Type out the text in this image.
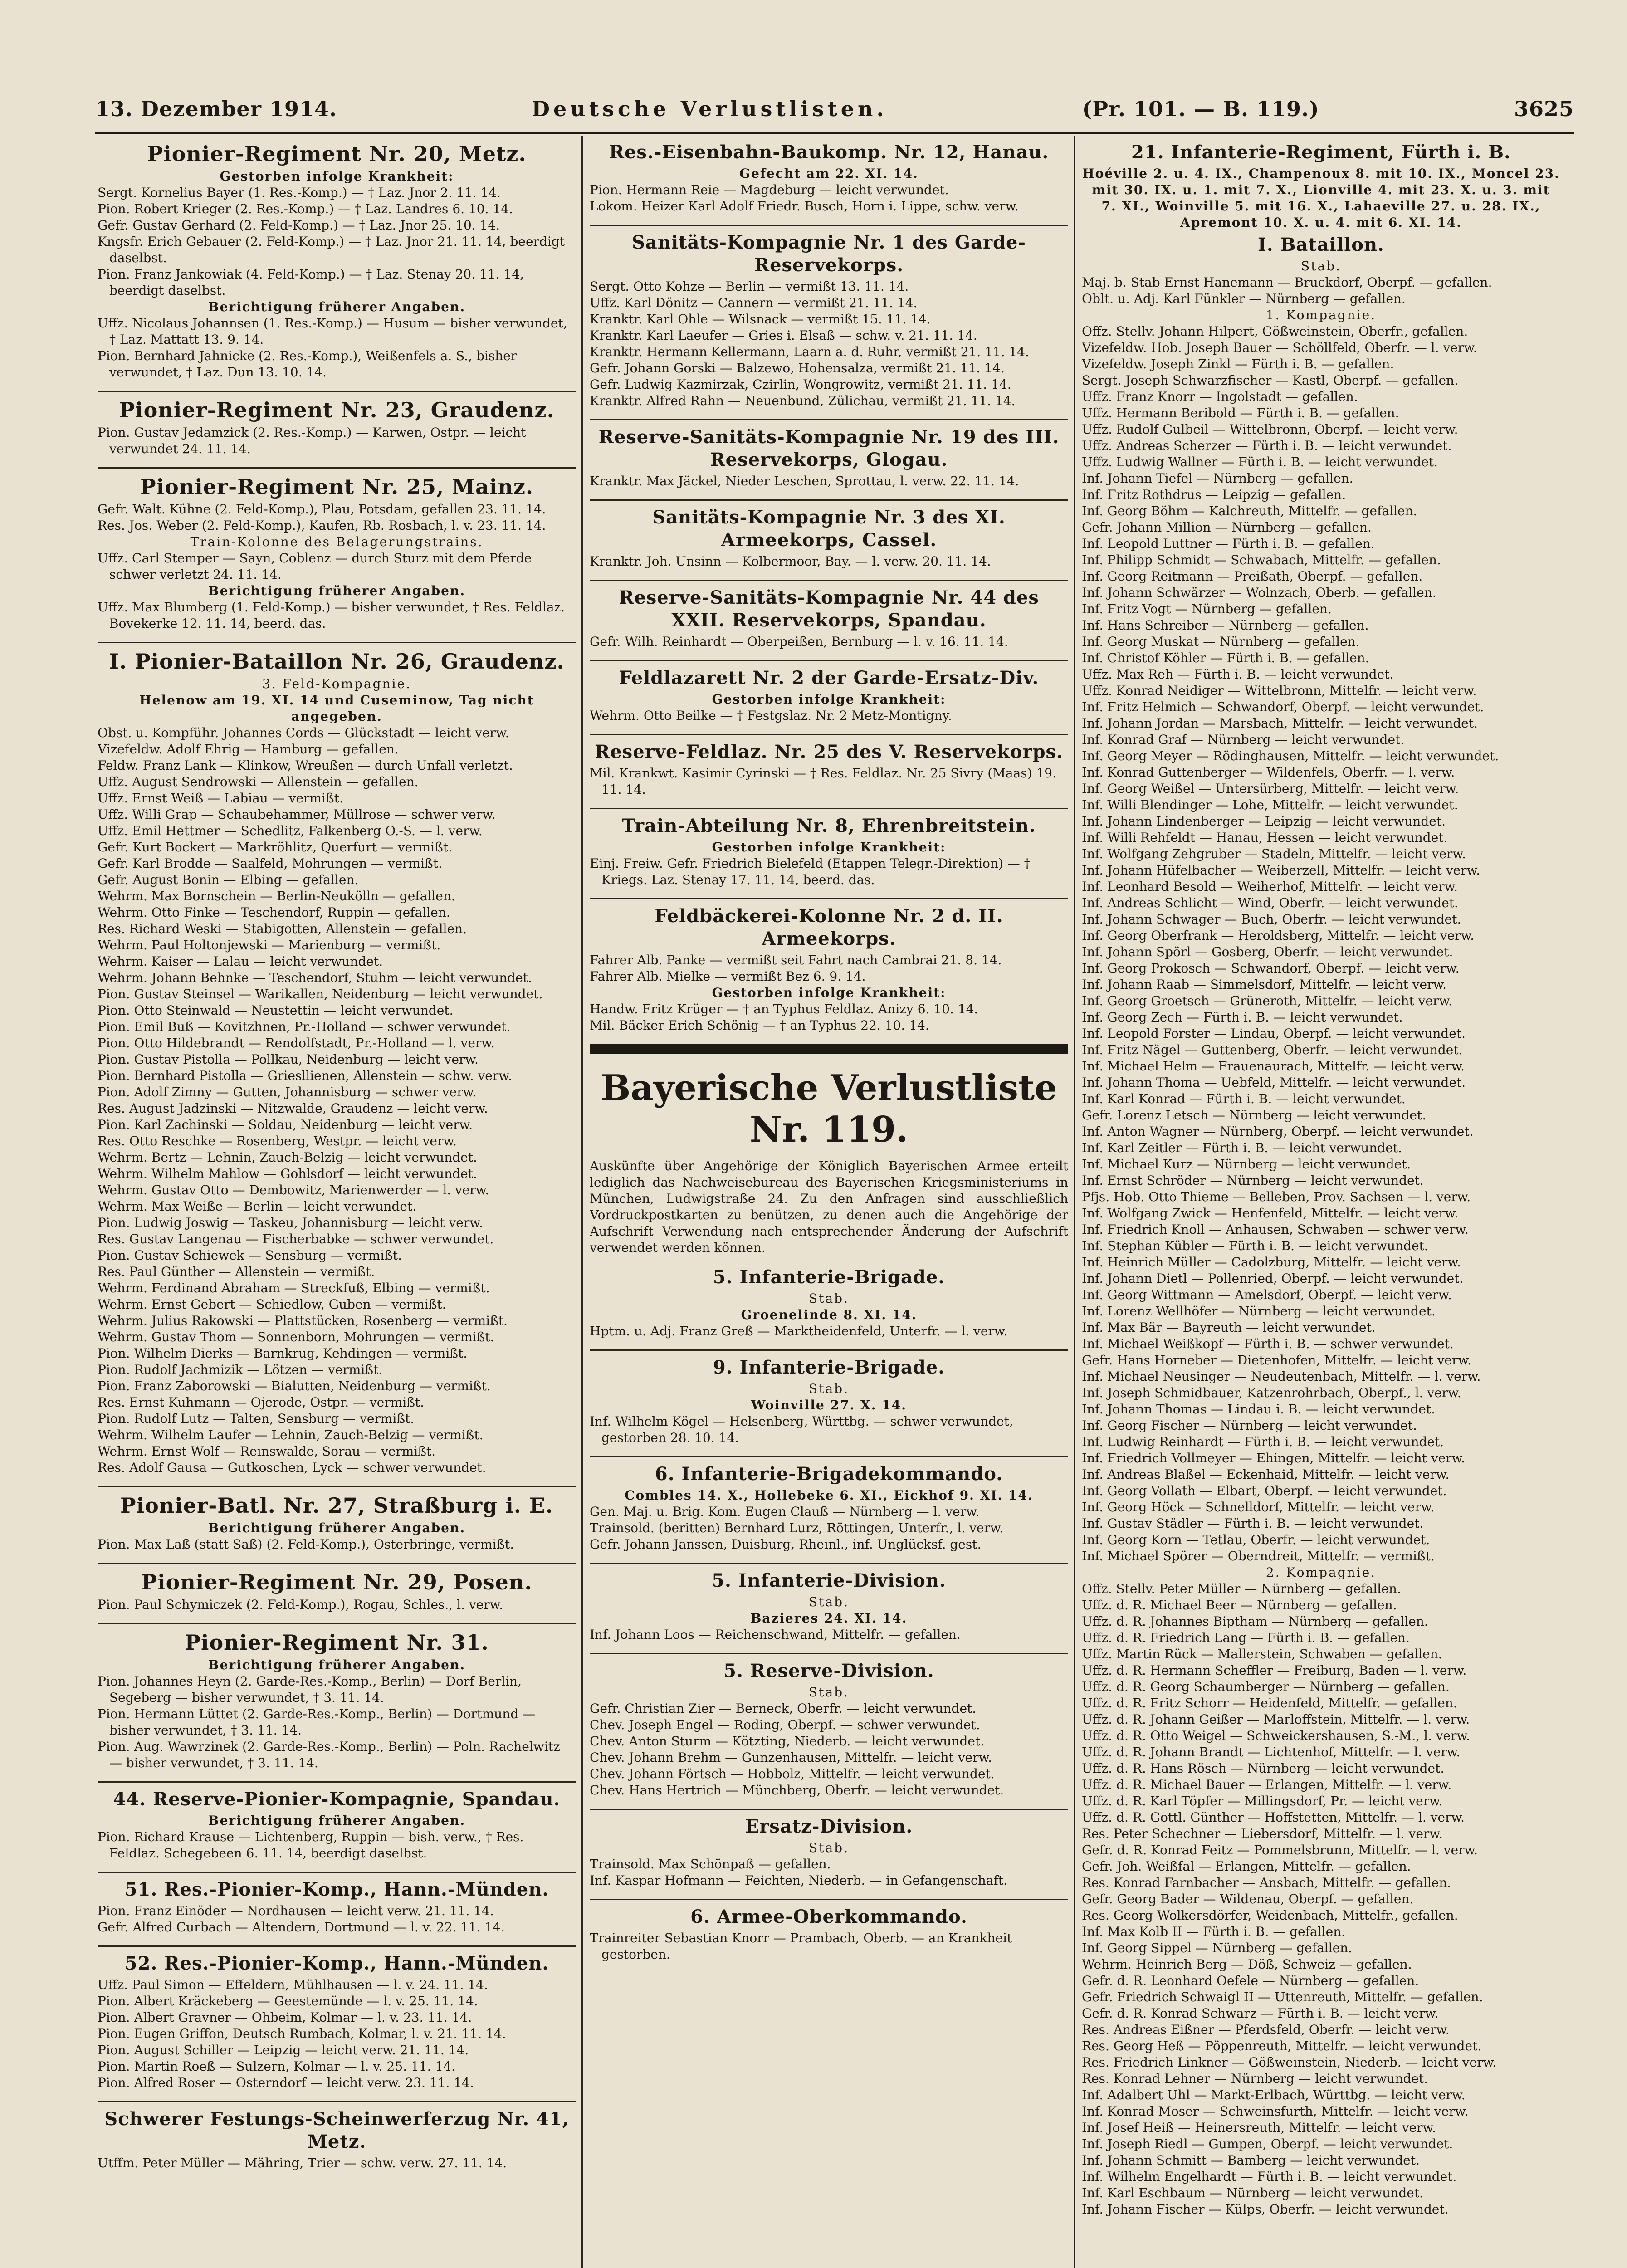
13. Dezember 1914.	Deutsche Verlustlisten.	(Pr. 101. — B. 119.)	3625
Pionier-Regiment Nr. 20, Metz.
Gestorben infolge Krankheit:
Sergt. Kornelius Bayer (1. Res.-Komp.) — † Laz. Jnor 2. 11. 14.
Pion. Robert Krieger (2. Res.-Komp.) — † Laz. Landres 6. 10. 14.
Gefr. Gustav Gerhard (2. Feld-Komp.) — † Laz. Jnor 25. 10. 14.
Kngsfr. Erich Gebauer (2. Feld-Komp.) — † Laz. Jnor 21. 11. 14, beerdigt daselbst.
Pion. Franz Jankowiak (4. Feld-Komp.) — † Laz. Stenay 20. 11. 14, beerdigt daselbst.
Berichtigung früherer Angaben.
Uffz. Nicolaus Johannsen (1. Res.-Komp.) — Husum — bisher verwundet, † Laz. Mattatt 13. 9. 14.
Pion. Bernhard Jahnicke (2. Res.-Komp.), Weißenfels a. S., bisher verwundet, † Laz. Dun 13. 10. 14.
Pionier-Regiment Nr. 23, Graudenz.
Pion. Gustav Jedamzick (2. Res.-Komp.) — Karwen, Ostpr. — leicht verwundet 24. 11. 14.
Pionier-Regiment Nr. 25, Mainz.
Gefr. Walt. Kühne (2. Feld-Komp.), Plau, Potsdam, gefallen 23. 11. 14.
Res. Jos. Weber (2. Feld-Komp.), Kaufen, Rb. Rosbach, l. v. 23. 11. 14.
Train-Kolonne des Belagerungstrains.
Uffz. Carl Stemper — Sayn, Coblenz — durch Sturz mit dem Pferde schwer verletzt 24. 11. 14.
Berichtigung früherer Angaben.
Uffz. Max Blumberg (1. Feld-Komp.) — bisher verwundet, † Res. Feldlaz. Bovekerke 12. 11. 14, beerd. das.
I. Pionier-Bataillon Nr. 26, Graudenz.
3. Feld-Kompagnie.
Helenow am 19. XI. 14 und Cuseminow, Tag nicht angegeben.
Obst. u. Kompführ. Johannes Cords — Glückstadt — leicht verw.
Vizefeldw. Adolf Ehrig — Hamburg — gefallen.
Feldw. Franz Lank — Klinkow, Wreußen — durch Unfall verletzt.
Uffz. August Sendrowski — Allenstein — gefallen.
Uffz. Ernst Weiß — Labiau — vermißt.
Uffz. Willi Grap — Schaubehammer, Müllrose — schwer verw.
Uffz. Emil Hettmer — Schedlitz, Falkenberg O.-S. — l. verw.
Gefr. Kurt Bockert — Markröhlitz, Querfurt — vermißt.
Gefr. Karl Brodde — Saalfeld, Mohrungen — vermißt.
Gefr. August Bonin — Elbing — gefallen.
Wehrm. Max Bornschein — Berlin-Neukölln — gefallen.
Wehrm. Otto Finke — Teschendorf, Ruppin — gefallen.
Res. Richard Weski — Stabigotten, Allenstein — gefallen.
Wehrm. Paul Holtonjewski — Marienburg — vermißt.
Wehrm. Kaiser — Lalau — leicht verwundet.
Wehrm. Johann Behnke — Teschendorf, Stuhm — leicht verwundet.
Pion. Gustav Steinsel — Warikallen, Neidenburg — leicht verwundet.
Pion. Otto Steinwald — Neustettin — leicht verwundet.
Pion. Emil Buß — Kovitzhnen, Pr.-Holland — schwer verwundet.
Pion. Otto Hildebrandt — Rendolfstadt, Pr.-Holland — l. verw.
Pion. Gustav Pistolla — Pollkau, Neidenburg — leicht verw.
Pion. Bernhard Pistolla — Griesllienen, Allenstein — schw. verw.
Pion. Adolf Zimny — Gutten, Johannisburg — schwer verw.
Res. August Jadzinski — Nitzwalde, Graudenz — leicht verw.
Pion. Karl Zachinski — Soldau, Neidenburg — leicht verw.
Res. Otto Reschke — Rosenberg, Westpr. — leicht verw.
Wehrm. Bertz — Lehnin, Zauch-Belzig — leicht verwundet.
Wehrm. Wilhelm Mahlow — Gohlsdorf — leicht verwundet.
Wehrm. Gustav Otto — Dembowitz, Marienwerder — l. verw.
Wehrm. Max Weiße — Berlin — leicht verwundet.
Pion. Ludwig Joswig — Taskeu, Johannisburg — leicht verw.
Res. Gustav Langenau — Fischerbabke — schwer verwundet.
Pion. Gustav Schiewek — Sensburg — vermißt.
Res. Paul Günther — Allenstein — vermißt.
Wehrm. Ferdinand Abraham — Streckfuß, Elbing — vermißt.
Wehrm. Ernst Gebert — Schiedlow, Guben — vermißt.
Wehrm. Julius Rakowski — Plattstücken, Rosenberg — vermißt.
Wehrm. Gustav Thom — Sonnenborn, Mohrungen — vermißt.
Pion. Wilhelm Dierks — Barnkrug, Kehdingen — vermißt.
Pion. Rudolf Jachmizik — Lötzen — vermißt.
Pion. Franz Zaborowski — Bialutten, Neidenburg — vermißt.
Res. Ernst Kuhmann — Ojerode, Ostpr. — vermißt.
Pion. Rudolf Lutz — Talten, Sensburg — vermißt.
Wehrm. Wilhelm Laufer — Lehnin, Zauch-Belzig — vermißt.
Wehrm. Ernst Wolf — Reinswalde, Sorau — vermißt.
Res. Adolf Gausa — Gutkoschen, Lyck — schwer verwundet.
Pionier-Batl. Nr. 27, Straßburg i. E.
Berichtigung früherer Angaben.
Pion. Max Laß (statt Saß) (2. Feld-Komp.), Osterbringe, vermißt.
Pionier-Regiment Nr. 29, Posen.
Pion. Paul Schymiczek (2. Feld-Komp.), Rogau, Schles., l. verw.
Pionier-Regiment Nr. 31.
Berichtigung früherer Angaben.
Pion. Johannes Heyn (2. Garde-Res.-Komp., Berlin) — Dorf Berlin, Segeberg — bisher verwundet, † 3. 11. 14.
Pion. Hermann Lüttet (2. Garde-Res.-Komp., Berlin) — Dortmund — bisher verwundet, † 3. 11. 14.
Pion. Aug. Wawrzinek (2. Garde-Res.-Komp., Berlin) — Poln. Rachelwitz — bisher verwundet, † 3. 11. 14.
44. Reserve-Pionier-Kompagnie, Spandau.
Berichtigung früherer Angaben.
Pion. Richard Krause — Lichtenberg, Ruppin — bish. verw., † Res. Feldlaz. Schegebeen 6. 11. 14, beerdigt daselbst.
51. Res.-Pionier-Komp., Hann.-Münden.
Pion. Franz Einöder — Nordhausen — leicht verw. 21. 11. 14.
Gefr. Alfred Curbach — Altendern, Dortmund — l. v. 22. 11. 14.
52. Res.-Pionier-Komp., Hann.-Münden.
Uffz. Paul Simon — Effeldern, Mühlhausen — l. v. 24. 11. 14.
Pion. Albert Kräckeberg — Geestemünde — l. v. 25. 11. 14.
Pion. Albert Gravner — Ohbeim, Kolmar — l. v. 23. 11. 14.
Pion. Eugen Griffon, Deutsch Rumbach, Kolmar, l. v. 21. 11. 14.
Pion. August Schiller — Leipzig — leicht verw. 21. 11. 14.
Pion. Martin Roeß — Sulzern, Kolmar — l. v. 25. 11. 14.
Pion. Alfred Roser — Osterndorf — leicht verw. 23. 11. 14.
Schwerer Festungs-Scheinwerferzug Nr. 41, Metz.
Utffm. Peter Müller — Mähring, Trier — schw. verw. 27. 11. 14.
Res.-Eisenbahn-Baukomp. Nr. 12, Hanau.
Gefecht am 22. XI. 14.
Pion. Hermann Reie — Magdeburg — leicht verwundet.
Lokom. Heizer Karl Adolf Friedr. Busch, Horn i. Lippe, schw. verw.
Sanitäts-Kompagnie Nr. 1 des Garde-Reservekorps.
Sergt. Otto Kohze — Berlin — vermißt 13. 11. 14.
Uffz. Karl Dönitz — Cannern — vermißt 21. 11. 14.
Kranktr. Karl Ohle — Wilsnack — vermißt 15. 11. 14.
Kranktr. Karl Laeufer — Gries i. Elsaß — schw. v. 21. 11. 14.
Kranktr. Hermann Kellermann, Laarn a. d. Ruhr, vermißt 21. 11. 14.
Gefr. Johann Gorski — Balzewo, Hohensalza, vermißt 21. 11. 14.
Gefr. Ludwig Kazmirzak, Czirlin, Wongrowitz, vermißt 21. 11. 14.
Kranktr. Alfred Rahn — Neuenbund, Zülichau, vermißt 21. 11. 14.
Reserve-Sanitäts-Kompagnie Nr. 19 des III. Reservekorps, Glogau.
Kranktr. Max Jäckel, Nieder Leschen, Sprottau, l. verw. 22. 11. 14.
Sanitäts-Kompagnie Nr. 3 des XI. Armeekorps, Cassel.
Kranktr. Joh. Unsinn — Kolbermoor, Bay. — l. verw. 20. 11. 14.
Reserve-Sanitäts-Kompagnie Nr. 44 des XXII. Reservekorps, Spandau.
Gefr. Wilh. Reinhardt — Oberpeißen, Bernburg — l. v. 16. 11. 14.
Feldlazarett Nr. 2 der Garde-Ersatz-Div.
Gestorben infolge Krankheit:
Wehrm. Otto Beilke — † Festgslaz. Nr. 2 Metz-Montigny.
Reserve-Feldlaz. Nr. 25 des V. Reservekorps.
Mil. Krankwt. Kasimir Cyrinski — † Res. Feldlaz. Nr. 25 Sivry (Maas) 19. 11. 14.
Train-Abteilung Nr. 8, Ehrenbreitstein.
Gestorben infolge Krankheit:
Einj. Freiw. Gefr. Friedrich Bielefeld (Etappen Telegr.-Direktion) — † Kriegs. Laz. Stenay 17. 11. 14, beerd. das.
Feldbäckerei-Kolonne Nr. 2 d. II. Armeekorps.
Fahrer Alb. Panke — vermißt seit Fahrt nach Cambrai 21. 8. 14.
Fahrer Alb. Mielke — vermißt Bez 6. 9. 14.
Gestorben infolge Krankheit:
Handw. Fritz Krüger — † an Typhus Feldlaz. Anizy 6. 10. 14.
Mil. Bäcker Erich Schönig — † an Typhus 22. 10. 14.
Bayerische Verlustliste Nr. 119.
Auskünfte über Angehörige der Königlich Bayerischen Armee erteilt lediglich das Nachweisebureau des Bayerischen Kriegsministeriums in München, Ludwigstraße 24. Zu den Anfragen sind ausschließlich Vordruckpostkarten zu benützen, zu denen auch die Angehörige der Aufschrift Verwendung nach entsprechender Änderung der Aufschrift verwendet werden können.
5. Infanterie-Brigade.
Stab.
Groenelinde 8. XI. 14.
Hptm. u. Adj. Franz Greß — Marktheidenfeld, Unterfr. — l. verw.
9. Infanterie-Brigade.
Stab.
Woinville 27. X. 14.
Inf. Wilhelm Kögel — Helsenberg, Württbg. — schwer verwundet, gestorben 28. 10. 14.
6. Infanterie-Brigadekommando.
Combles 14. X., Hollebeke 6. XI., Eickhof 9. XI. 14.
Gen. Maj. u. Brig. Kom. Eugen Clauß — Nürnberg — l. verw.
Trainsold. (beritten) Bernhard Lurz, Röttingen, Unterfr., l. verw.
Gefr. Johann Janssen, Duisburg, Rheinl., inf. Unglücksf. gest.
5. Infanterie-Division.
Stab.
Bazieres 24. XI. 14.
Inf. Johann Loos — Reichenschwand, Mittelfr. — gefallen.
5. Reserve-Division.
Stab.
Gefr. Christian Zier — Berneck, Oberfr. — leicht verwundet.
Chev. Joseph Engel — Roding, Oberpf. — schwer verwundet.
Chev. Anton Sturm — Kötzting, Niederb. — leicht verwundet.
Chev. Johann Brehm — Gunzenhausen, Mittelfr. — leicht verw.
Chev. Johann Förtsch — Hobbolz, Mittelfr. — leicht verwundet.
Chev. Hans Hertrich — Münchberg, Oberfr. — leicht verwundet.
Ersatz-Division.
Stab.
Trainsold. Max Schönpaß — gefallen.
Inf. Kaspar Hofmann — Feichten, Niederb. — in Gefangenschaft.
6. Armee-Oberkommando.
Trainreiter Sebastian Knorr — Prambach, Oberb. — an Krankheit gestorben.
21. Infanterie-Regiment, Fürth i. B.
Hoéville 2. u. 4. IX., Champenoux 8. mit 10. IX., Moncel 23. mit 30. IX. u. 1. mit 7. X., Lionville 4. mit 23. X. u. 3. mit 7. XI., Woinville 5. mit 16. X., Lahaeville 27. u. 28. IX., Apremont 10. X. u. 4. mit 6. XI. 14.
I. Bataillon.
Stab.
Maj. b. Stab Ernst Hanemann — Bruckdorf, Oberpf. — gefallen.
Oblt. u. Adj. Karl Fünkler — Nürnberg — gefallen.
1. Kompagnie.
Offz. Stellv. Johann Hilpert, Gößweinstein, Oberfr., gefallen.
Vizefeldw. Hob. Joseph Bauer — Schöllfeld, Oberfr. — l. verw.
Vizefeldw. Joseph Zinkl — Fürth i. B. — gefallen.
Sergt. Joseph Schwarzfischer — Kastl, Oberpf. — gefallen.
Uffz. Franz Knorr — Ingolstadt — gefallen.
Uffz. Hermann Beribold — Fürth i. B. — gefallen.
Uffz. Rudolf Gulbeil — Wittelbronn, Oberpf. — leicht verw.
Uffz. Andreas Scherzer — Fürth i. B. — leicht verwundet.
Uffz. Ludwig Wallner — Fürth i. B. — leicht verwundet.
Inf. Johann Tiefel — Nürnberg — gefallen.
Inf. Fritz Rothdrus — Leipzig — gefallen.
Inf. Georg Böhm — Kalchreuth, Mittelfr. — gefallen.
Gefr. Johann Million — Nürnberg — gefallen.
Inf. Leopold Luttner — Fürth i. B. — gefallen.
Inf. Philipp Schmidt — Schwabach, Mittelfr. — gefallen.
Inf. Georg Reitmann — Preißath, Oberpf. — gefallen.
Inf. Johann Schwärzer — Wolnzach, Oberb. — gefallen.
Inf. Fritz Vogt — Nürnberg — gefallen.
Inf. Hans Schreiber — Nürnberg — gefallen.
Inf. Georg Muskat — Nürnberg — gefallen.
Inf. Christof Köhler — Fürth i. B. — gefallen.
Uffz. Max Reh — Fürth i. B. — leicht verwundet.
Uffz. Konrad Neidiger — Wittelbronn, Mittelfr. — leicht verw.
Inf. Fritz Helmich — Schwandorf, Oberpf. — leicht verwundet.
Inf. Johann Jordan — Marsbach, Mittelfr. — leicht verwundet.
Inf. Konrad Graf — Nürnberg — leicht verwundet.
Inf. Georg Meyer — Rödinghausen, Mittelfr. — leicht verwundet.
Inf. Konrad Guttenberger — Wildenfels, Oberfr. — l. verw.
Inf. Georg Weißel — Untersürberg, Mittelfr. — leicht verw.
Inf. Willi Blendinger — Lohe, Mittelfr. — leicht verwundet.
Inf. Johann Lindenberger — Leipzig — leicht verwundet.
Inf. Willi Rehfeldt — Hanau, Hessen — leicht verwundet.
Inf. Wolfgang Zehgruber — Stadeln, Mittelfr. — leicht verw.
Inf. Johann Hüfelbacher — Weiberzell, Mittelfr. — leicht verw.
Inf. Leonhard Besold — Weiherhof, Mittelfr. — leicht verw.
Inf. Andreas Schlicht — Wind, Oberfr. — leicht verwundet.
Inf. Johann Schwager — Buch, Oberfr. — leicht verwundet.
Inf. Georg Oberfrank — Heroldsberg, Mittelfr. — leicht verw.
Inf. Johann Spörl — Gosberg, Oberfr. — leicht verwundet.
Inf. Georg Prokosch — Schwandorf, Oberpf. — leicht verw.
Inf. Johann Raab — Simmelsdorf, Mittelfr. — leicht verw.
Inf. Georg Groetsch — Grüneroth, Mittelfr. — leicht verw.
Inf. Georg Zech — Fürth i. B. — leicht verwundet.
Inf. Leopold Forster — Lindau, Oberpf. — leicht verwundet.
Inf. Fritz Nägel — Guttenberg, Oberfr. — leicht verwundet.
Inf. Michael Helm — Frauenaurach, Mittelfr. — leicht verw.
Inf. Johann Thoma — Uebfeld, Mittelfr. — leicht verwundet.
Inf. Karl Konrad — Fürth i. B. — leicht verwundet.
Gefr. Lorenz Letsch — Nürnberg — leicht verwundet.
Inf. Anton Wagner — Nürnberg, Oberpf. — leicht verwundet.
Inf. Karl Zeitler — Fürth i. B. — leicht verwundet.
Inf. Michael Kurz — Nürnberg — leicht verwundet.
Inf. Ernst Schröder — Nürnberg — leicht verwundet.
Pfjs. Hob. Otto Thieme — Belleben, Prov. Sachsen — l. verw.
Inf. Wolfgang Zwick — Henfenfeld, Mittelfr. — leicht verw.
Inf. Friedrich Knoll — Anhausen, Schwaben — schwer verw.
Inf. Stephan Kübler — Fürth i. B. — leicht verwundet.
Inf. Heinrich Müller — Cadolzburg, Mittelfr. — leicht verw.
Inf. Johann Dietl — Pollenried, Oberpf. — leicht verwundet.
Inf. Georg Wittmann — Amelsdorf, Oberpf. — leicht verw.
Inf. Lorenz Wellhöfer — Nürnberg — leicht verwundet.
Inf. Max Bär — Bayreuth — leicht verwundet.
Inf. Michael Weißkopf — Fürth i. B. — schwer verwundet.
Gefr. Hans Horneber — Dietenhofen, Mittelfr. — leicht verw.
Inf. Michael Neusinger — Neudeutenbach, Mittelfr. — l. verw.
Inf. Joseph Schmidbauer, Katzenrohrbach, Oberpf., l. verw.
Inf. Johann Thomas — Lindau i. B. — leicht verwundet.
Inf. Georg Fischer — Nürnberg — leicht verwundet.
Inf. Ludwig Reinhardt — Fürth i. B. — leicht verwundet.
Inf. Friedrich Vollmeyer — Ehingen, Mittelfr. — leicht verw.
Inf. Andreas Blaßel — Eckenhaid, Mittelfr. — leicht verw.
Inf. Georg Vollath — Elbart, Oberpf. — leicht verwundet.
Inf. Georg Höck — Schnelldorf, Mittelfr. — leicht verw.
Inf. Gustav Städler — Fürth i. B. — leicht verwundet.
Inf. Georg Korn — Tetlau, Oberfr. — leicht verwundet.
Inf. Michael Spörer — Oberndreit, Mittelfr. — vermißt.
2. Kompagnie.
Offz. Stellv. Peter Müller — Nürnberg — gefallen.
Uffz. d. R. Michael Beer — Nürnberg — gefallen.
Uffz. d. R. Johannes Biptham — Nürnberg — gefallen.
Uffz. d. R. Friedrich Lang — Fürth i. B. — gefallen.
Uffz. Martin Rück — Mallerstein, Schwaben — gefallen.
Uffz. d. R. Hermann Scheffler — Freiburg, Baden — l. verw.
Uffz. d. R. Georg Schaumberger — Nürnberg — gefallen.
Uffz. d. R. Fritz Schorr — Heidenfeld, Mittelfr. — gefallen.
Uffz. d. R. Johann Geißer — Marloffstein, Mittelfr. — l. verw.
Uffz. d. R. Otto Weigel — Schweickershausen, S.-M., l. verw.
Uffz. d. R. Johann Brandt — Lichtenhof, Mittelfr. — l. verw.
Uffz. d. R. Hans Rösch — Nürnberg — leicht verwundet.
Uffz. d. R. Michael Bauer — Erlangen, Mittelfr. — l. verw.
Uffz. d. R. Karl Töpfer — Millingsdorf, Pr. — leicht verw.
Uffz. d. R. Gottl. Günther — Hoffstetten, Mittelfr. — l. verw.
Res. Peter Schechner — Liebersdorf, Mittelfr. — l. verw.
Gefr. d. R. Konrad Feitz — Pommelsbrunn, Mittelfr. — l. verw.
Gefr. Joh. Weißfal — Erlangen, Mittelfr. — gefallen.
Res. Konrad Farnbacher — Ansbach, Mittelfr. — gefallen.
Gefr. Georg Bader — Wildenau, Oberpf. — gefallen.
Res. Georg Wolkersdörfer, Weidenbach, Mittelfr., gefallen.
Inf. Max Kolb II — Fürth i. B. — gefallen.
Inf. Georg Sippel — Nürnberg — gefallen.
Wehrm. Heinrich Berg — Döß, Schweiz — gefallen.
Gefr. d. R. Leonhard Oefele — Nürnberg — gefallen.
Gefr. Friedrich Schwaigl II — Uttenreuth, Mittelfr. — gefallen.
Gefr. d. R. Konrad Schwarz — Fürth i. B. — leicht verw.
Res. Andreas Eißner — Pferdsfeld, Oberfr. — leicht verw.
Res. Georg Heß — Pöppenreuth, Mittelfr. — leicht verwundet.
Res. Friedrich Linkner — Gößweinstein, Niederb. — leicht verw.
Res. Konrad Lehner — Nürnberg — leicht verwundet.
Inf. Adalbert Uhl — Markt-Erlbach, Württbg. — leicht verw.
Inf. Konrad Moser — Schweinsfurth, Mittelfr. — leicht verw.
Inf. Josef Heiß — Heinersreuth, Mittelfr. — leicht verw.
Inf. Joseph Riedl — Gumpen, Oberpf. — leicht verwundet.
Inf. Johann Schmitt — Bamberg — leicht verwundet.
Inf. Wilhelm Engelhardt — Fürth i. B. — leicht verwundet.
Inf. Karl Eschbaum — Nürnberg — leicht verwundet.
Inf. Johann Fischer — Külps, Oberfr. — leicht verwundet.
